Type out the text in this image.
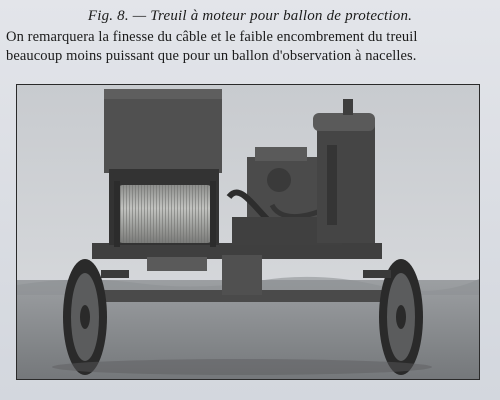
Fig. 8. — Treuil à moteur pour ballon de protection.
On remarquera la finesse du câble et le faible encombrement du treuil
beaucoup moins puissant que pour un ballon d'observation à nacelles.
